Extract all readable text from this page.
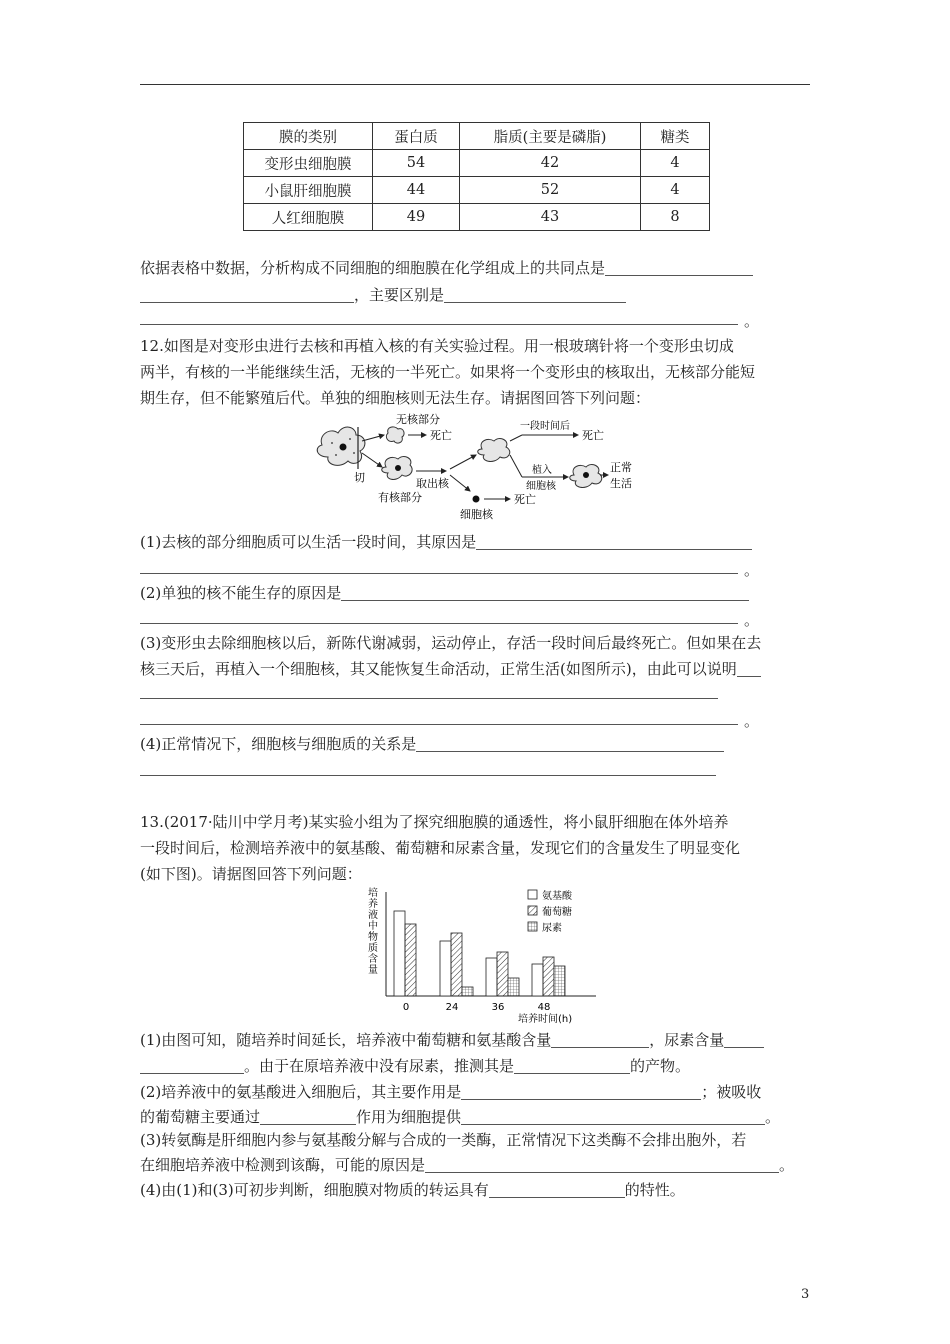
膜的类别	蛋白质	脂质(主要是磷脂)	糖类
变形虫细胞膜	54	42	4
小鼠肝细胞膜	44	52	4
人红细胞膜	49	43	8
依据表格中数据，分析构成不同细胞的细胞膜在化学组成上的共同点是
，主要区别是
。
12.如图是对变形虫进行去核和再植入核的有关实验过程。用一根玻璃针将一个变形虫切成
两半，有核的一半能继续生活，无核的一半死亡。如果将一个变形虫的核取出，无核部分能短
期生存，但不能繁殖后代。单独的细胞核则无法生存。请据图回答下列问题：
切
无核部分
死亡
有核部分
取出核
细胞核
死亡
一段时间后
死亡
植入
细胞核
正常
生活
(1)去核的部分细胞质可以生活一段时间，其原因是
。
(2)单独的核不能生存的原因是
。
(3)变形虫去除细胞核以后，新陈代谢减弱，运动停止，存活一段时间后最终死亡。但如果在去
核三天后，再植入一个细胞核，其又能恢复生命活动，正常生活(如图所示)，由此可以说明
。
(4)正常情况下，细胞核与细胞质的关系是
13.(2017·陆川中学月考)某实验小组为了探究细胞膜的通透性，将小鼠肝细胞在体外培养
一段时间后，检测培养液中的氨基酸、葡萄糖和尿素含量，发现它们的含量发生了明显变化
(如下图)。请据图回答下列问题：
培养液中物质含量
0	24	36	48
培养时间(h)
氨基酸
葡萄糖
尿素
(1)由图可知，随培养时间延长，培养液中葡萄糖和氨基酸含量	，尿素含量
。由于在原培养液中没有尿素，推测其是	的产物。
(2)培养液中的氨基酸进入细胞后，其主要作用是	；被吸收
的葡萄糖主要通过	作用为细胞提供	。
(3)转氨酶是肝细胞内参与氨基酸分解与合成的一类酶，正常情况下这类酶不会排出胞外，若
在细胞培养液中检测到该酶，可能的原因是	。
(4)由(1)和(3)可初步判断，细胞膜对物质的转运具有	的特性。
3
